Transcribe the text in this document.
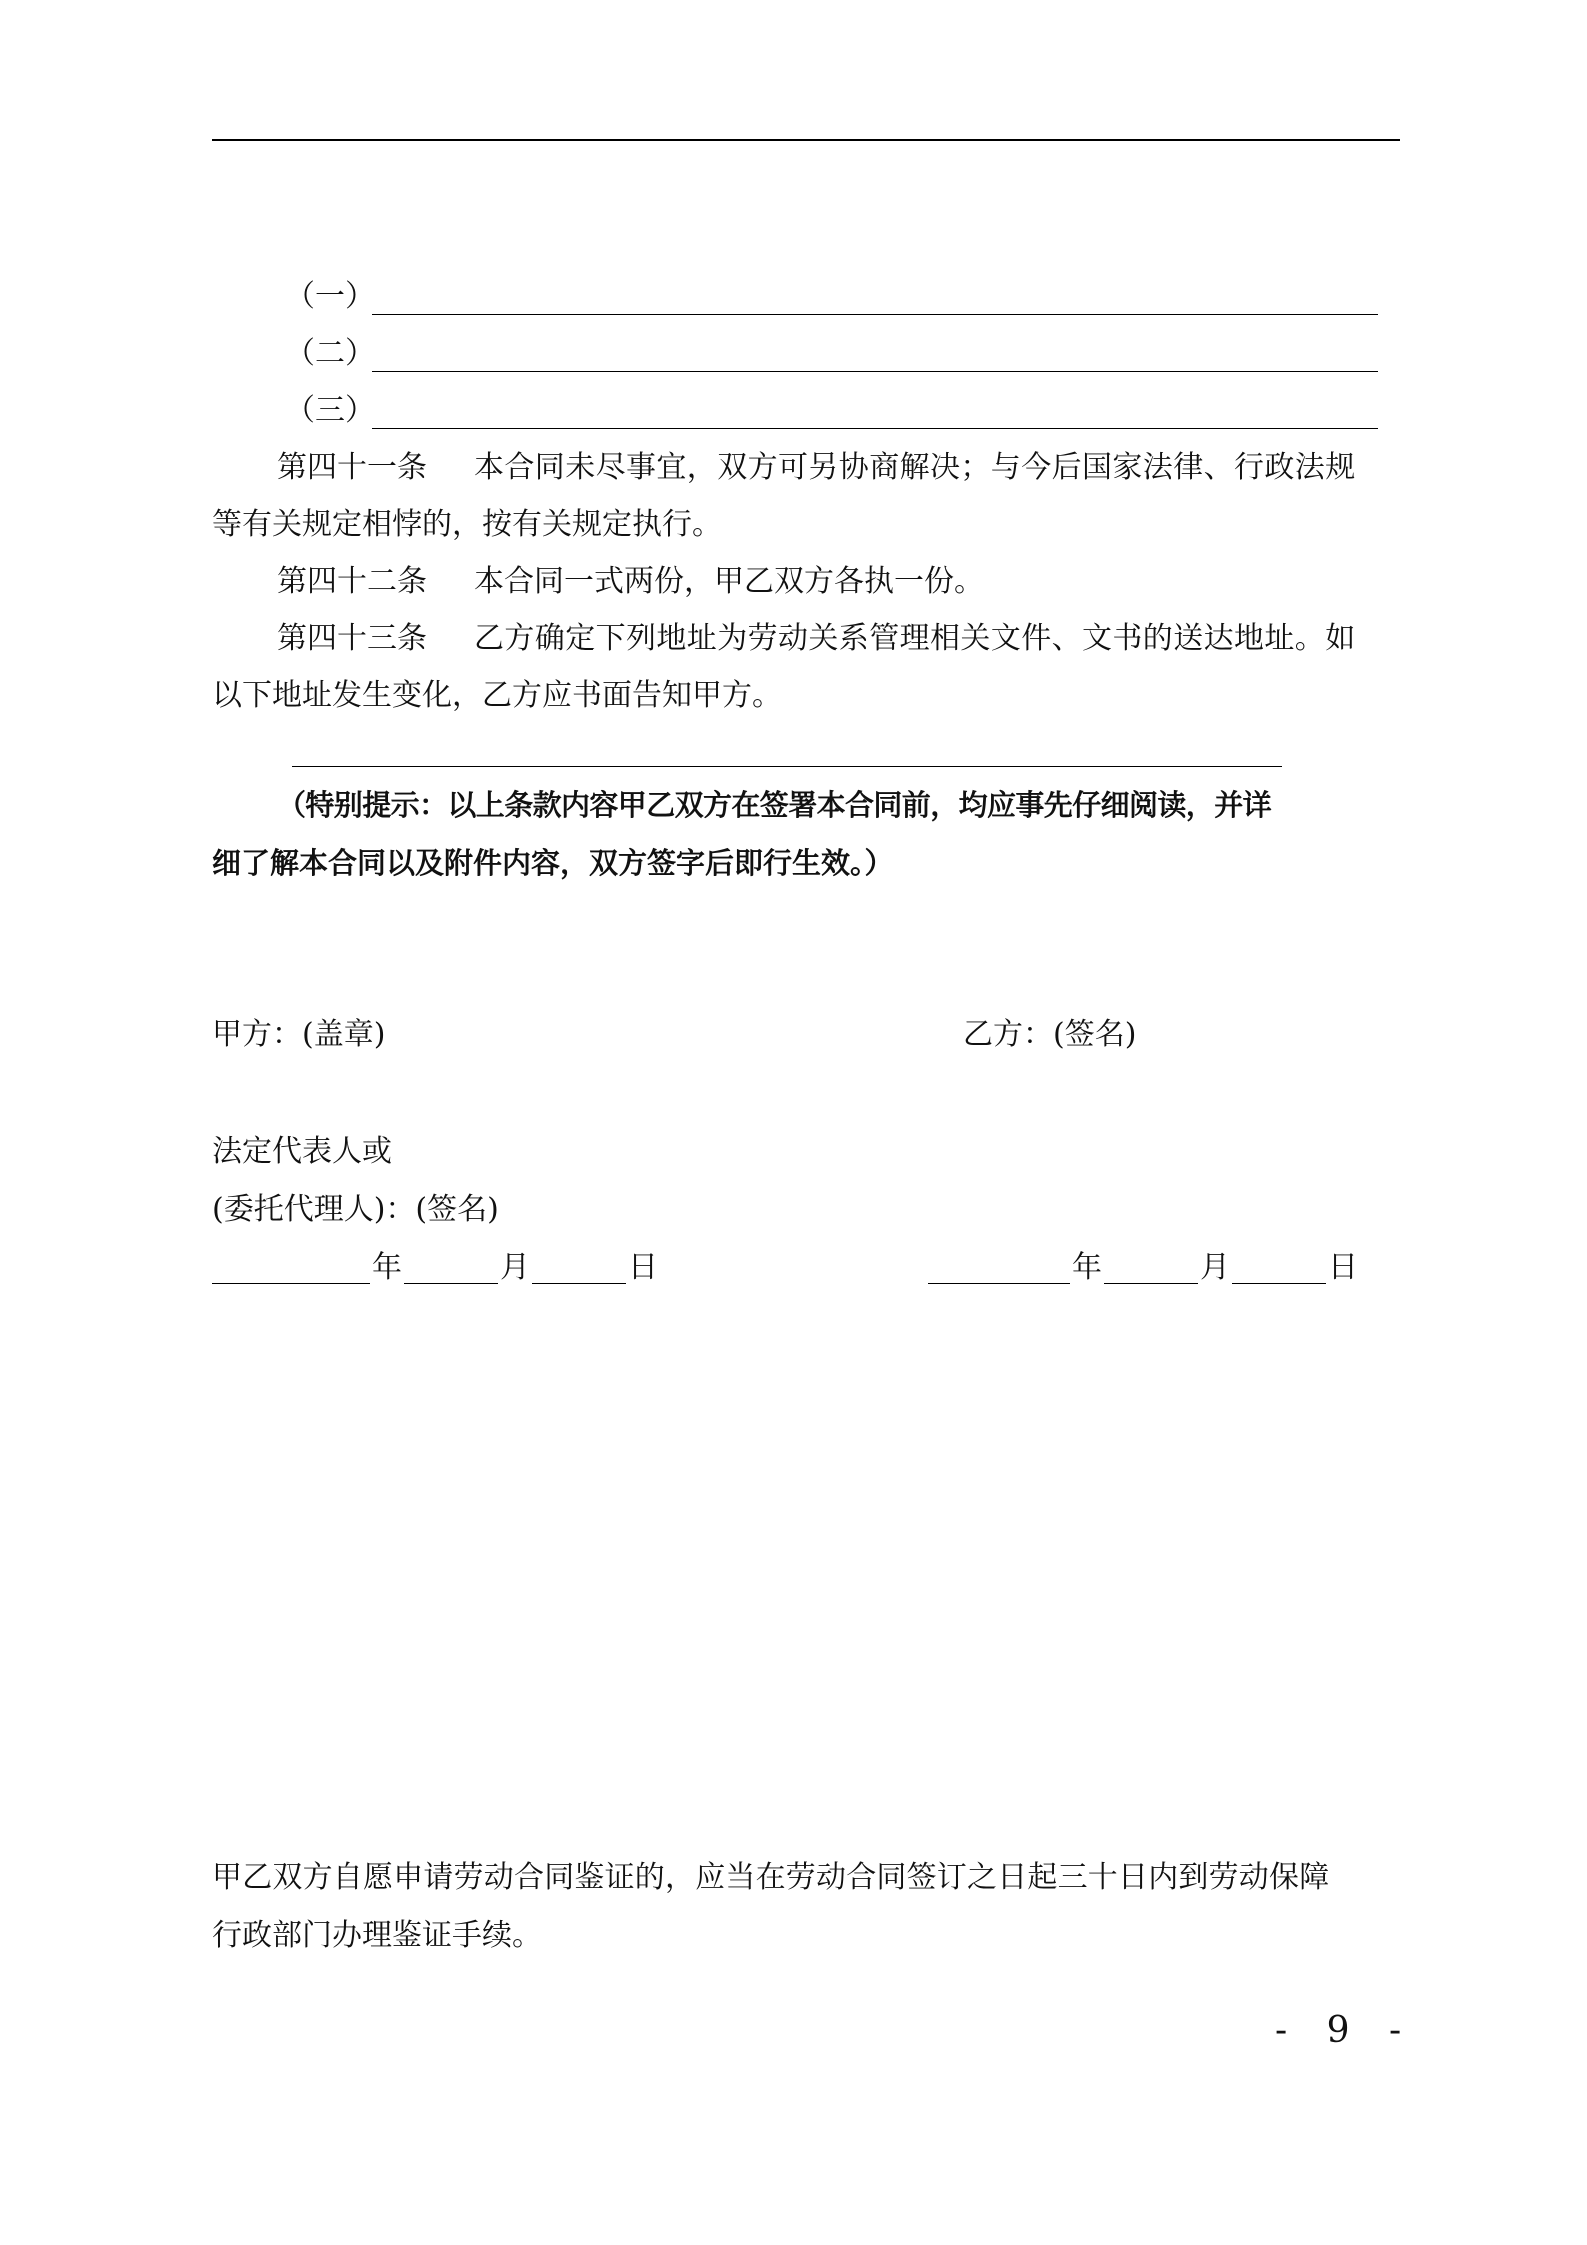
（一）
（二）
（三）
第四十一条 本合同未尽事宜，双方可另协商解决；与今后国家法律、行政法规
等有关规定相悖的，按有关规定执行。
第四十二条 本合同一式两份，甲乙双方各执一份。
第四十三条 乙方确定下列地址为劳动关系管理相关文件、文书的送达地址。如
以下地址发生变化，乙方应书面告知甲方。
（特别提示：以上条款内容甲乙双方在签署本合同前，均应事先仔细阅读，并详
细了解本合同以及附件内容，双方签字后即行生效。）
甲方：(盖章)	乙方：(签名)
法定代表人或
(委托代理人)：(签名)
年	月	日	年	月	日
甲乙双方自愿申请劳动合同鉴证的，应当在劳动合同签订之日起三十日内到劳动保障
行政部门办理鉴证手续。
- 9 -
